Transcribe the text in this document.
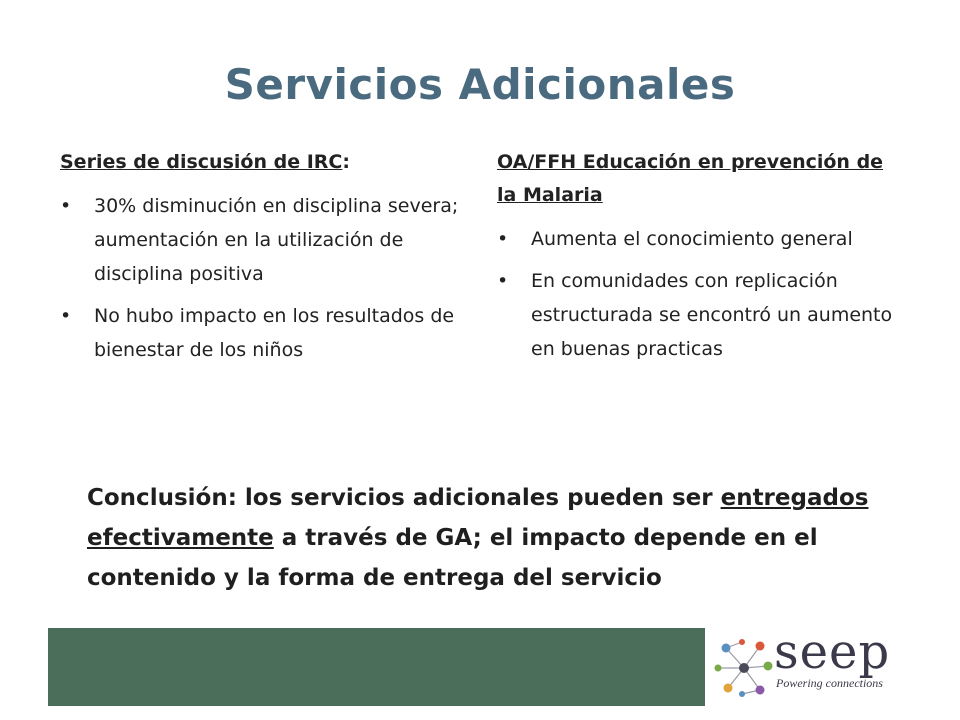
Servicios Adicionales

Series de discusión de IRC:

• 30% disminución en disciplina severa; aumentación en la utilización de disciplina positiva
• No hubo impacto en los resultados de bienestar de los niños

OA/FFH Educación en prevención de la Malaria

• Aumenta el conocimiento general
• En comunidades con replicación estructurada se encontró un aumento en buenas practicas
Conclusión: los servicios adicionales pueden ser entregados efectivamente a través de GA; el impacto depende en el contenido y la forma de entrega del servicio
seep
Powering connections
